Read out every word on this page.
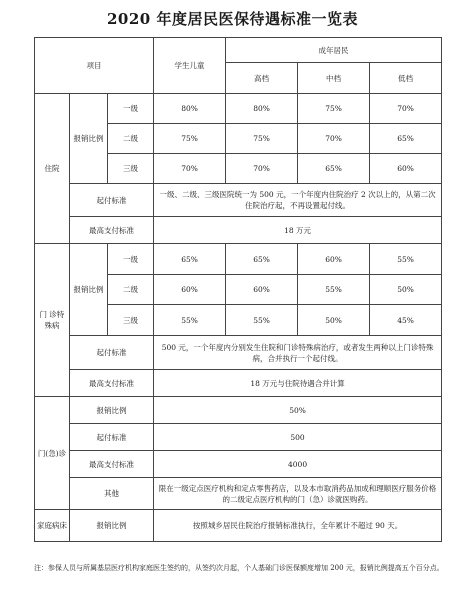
2020 年度居民医保待遇标准一览表
项目			学生儿童	成年居民		
				高档	中档	低档
住院	报销比例	一级	80%	80%	75%	70%
		二级	75%	75%	70%	65%
		三级	70%	70%	65%	60%
	起付标准		一级、二级、三级医院统一为 500 元，一个年度内住院治疗 2 次以上的，从第二次住院治疗起，不再设置起付线。			
	最高支付标准		18 万元			
门 诊特殊病	报销比例	一级	65%	65%	60%	55%
		二级	60%	60%	55%	50%
		三级	55%	55%	50%	45%
	起付标准		500 元，一个年度内分别发生住院和门诊特殊病治疗，或者发生两种以上门诊特殊病，合并执行一个起付线。			
	最高支付标准		18 万元与住院待遇合并计算			
门(急)诊	报销比例		50%			
	起付标准		500			
	最高支付标准		4000			
	其他		限在一级定点医疗机构和定点零售药店，以及本市取消药品加成和理顺医疗服务价格的二级定点医疗机构的门（急）诊就医购药。			
家庭病床	报销比例		按照城乡居民住院治疗报销标准执行，全年累计不超过 90 天。			
注：参保人员与所属基层医疗机构家庭医生签约的，从签约次月起，个人基础门诊医保额度增加 200 元，报销比例提高五个百分点。
